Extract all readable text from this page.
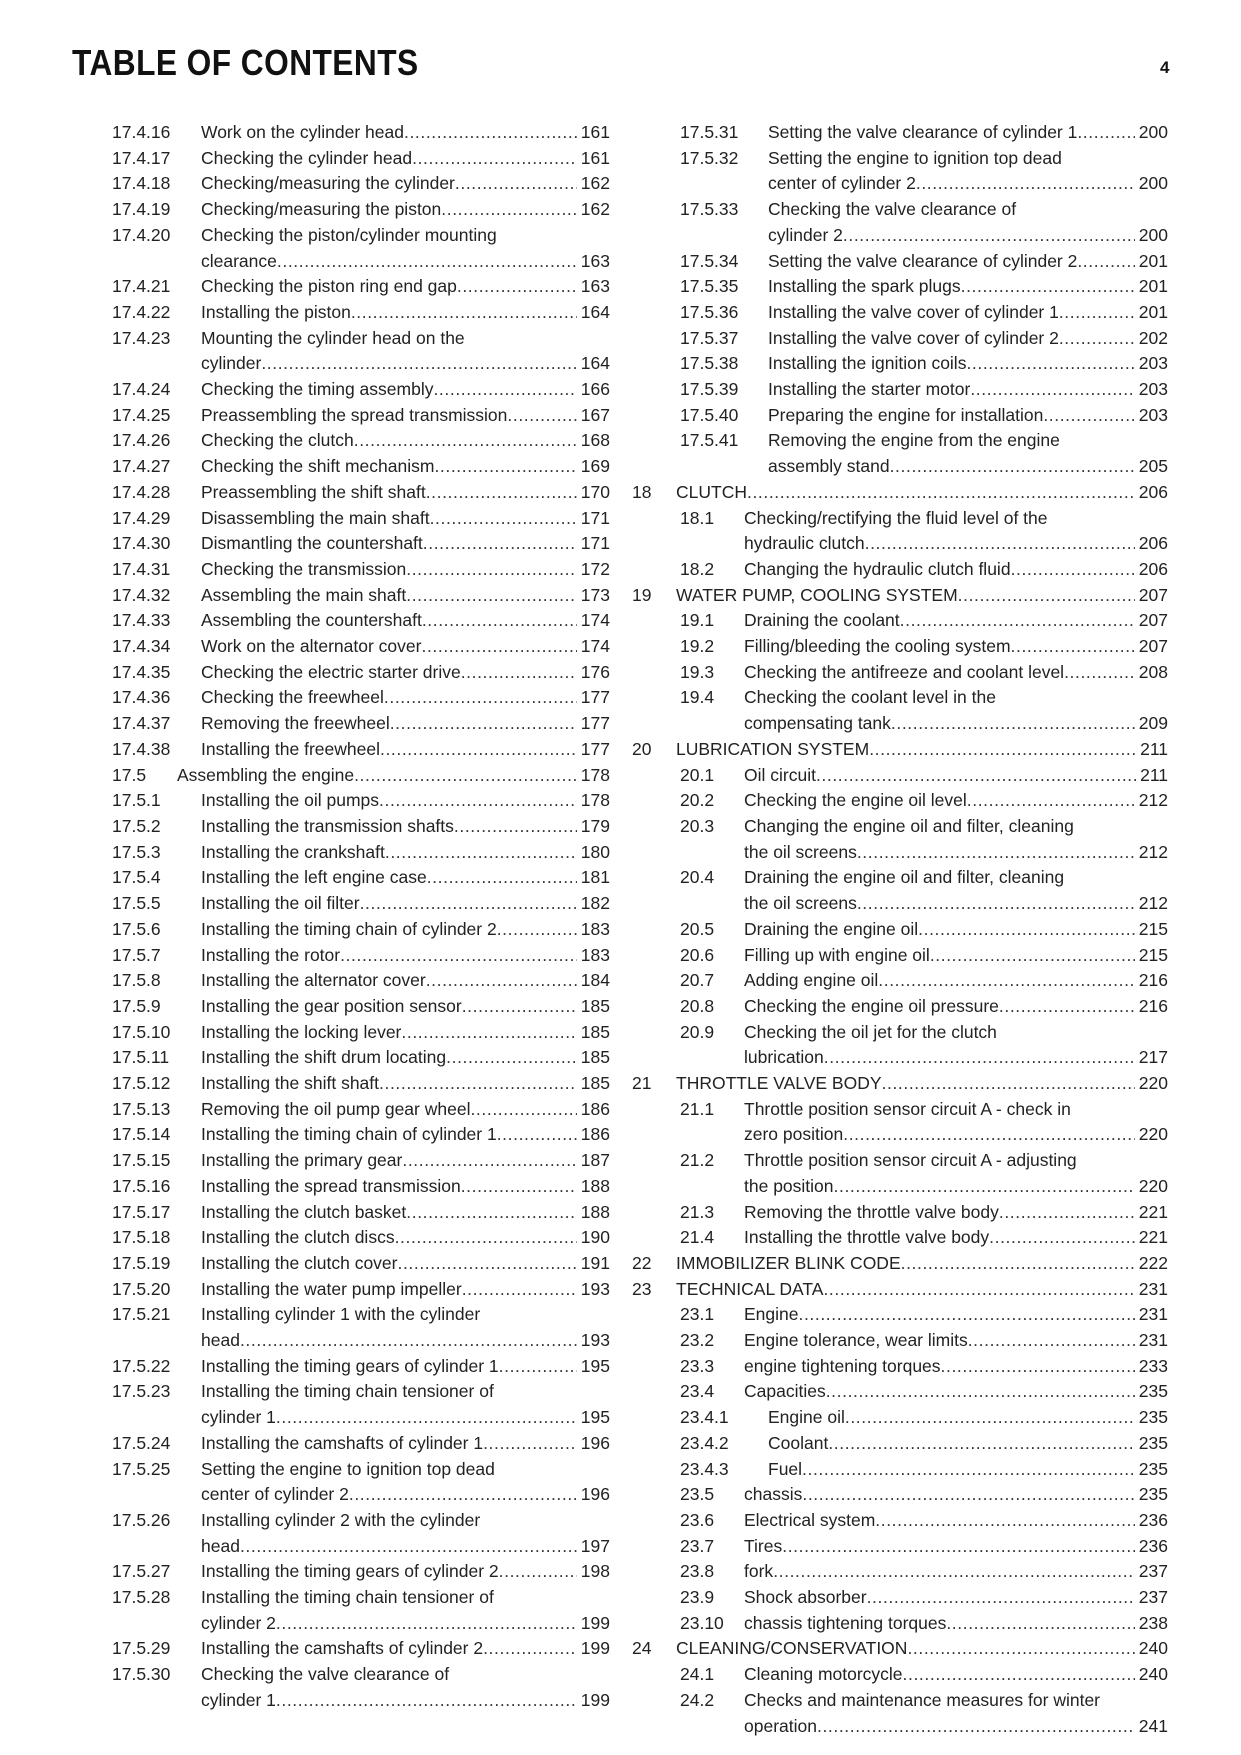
TABLE OF CONTENTS	4
17.4.16 Work on the cylinder head .....	161
17.4.17 Checking the cylinder head .....	161
17.4.18 Checking/measuring the cylinder .....	162
17.4.19 Checking/measuring the piston .....	162
17.4.20 Checking the piston/cylinder mounting
clearance .....	163
17.4.21 Checking the piston ring end gap .....	163
17.4.22 Installing the piston .....	164
17.4.23 Mounting the cylinder head on the
cylinder .....	164
17.4.24 Checking the timing assembly .....	166
17.4.25 Preassembling the spread transmission .....	167
17.4.26 Checking the clutch .....	168
17.4.27 Checking the shift mechanism .....	169
17.4.28 Preassembling the shift shaft .....	170
17.4.29 Disassembling the main shaft .....	171
17.4.30 Dismantling the countershaft .....	171
17.4.31 Checking the transmission .....	172
17.4.32 Assembling the main shaft .....	173
17.4.33 Assembling the countershaft .....	174
17.4.34 Work on the alternator cover .....	174
17.4.35 Checking the electric starter drive .....	176
17.4.36 Checking the freewheel .....	177
17.4.37 Removing the freewheel .....	177
17.4.38 Installing the freewheel .....	177
17.5 Assembling the engine .....	178
17.5.1 Installing the oil pumps .....	178
17.5.2 Installing the transmission shafts .....	179
17.5.3 Installing the crankshaft .....	180
17.5.4 Installing the left engine case .....	181
17.5.5 Installing the oil filter .....	182
17.5.6 Installing the timing chain of cylinder 2 .....	183
17.5.7 Installing the rotor .....	183
17.5.8 Installing the alternator cover .....	184
17.5.9 Installing the gear position sensor .....	185
17.5.10 Installing the locking lever .....	185
17.5.11 Installing the shift drum locating .....	185
17.5.12 Installing the shift shaft .....	185
17.5.13 Removing the oil pump gear wheel .....	186
17.5.14 Installing the timing chain of cylinder 1 .....	186
17.5.15 Installing the primary gear .....	187
17.5.16 Installing the spread transmission .....	188
17.5.17 Installing the clutch basket .....	188
17.5.18 Installing the clutch discs .....	190
17.5.19 Installing the clutch cover .....	191
17.5.20 Installing the water pump impeller .....	193
17.5.21 Installing cylinder 1 with the cylinder
head .....	193
17.5.22 Installing the timing gears of cylinder 1 .....	195
17.5.23 Installing the timing chain tensioner of
cylinder 1 .....	195
17.5.24 Installing the camshafts of cylinder 1 .....	196
17.5.25 Setting the engine to ignition top dead
center of cylinder 2 .....	196
17.5.26 Installing cylinder 2 with the cylinder
head .....	197
17.5.27 Installing the timing gears of cylinder 2 .....	198
17.5.28 Installing the timing chain tensioner of
cylinder 2 .....	199
17.5.29 Installing the camshafts of cylinder 2 .....	199
17.5.30 Checking the valve clearance of
cylinder 1 .....	199
17.5.31 Setting the valve clearance of cylinder 1 .....	200
17.5.32 Setting the engine to ignition top dead
center of cylinder 2 .....	200
17.5.33 Checking the valve clearance of
cylinder 2 .....	200
17.5.34 Setting the valve clearance of cylinder 2 .....	201
17.5.35 Installing the spark plugs .....	201
17.5.36 Installing the valve cover of cylinder 1 .....	201
17.5.37 Installing the valve cover of cylinder 2 .....	202
17.5.38 Installing the ignition coils .....	203
17.5.39 Installing the starter motor .....	203
17.5.40 Preparing the engine for installation .....	203
17.5.41 Removing the engine from the engine
assembly stand .....	205
18 CLUTCH .....	206
18.1 Checking/rectifying the fluid level of the
hydraulic clutch .....	206
18.2 Changing the hydraulic clutch fluid .....	206
19 WATER PUMP, COOLING SYSTEM .....	207
19.1 Draining the coolant .....	207
19.2 Filling/bleeding the cooling system .....	207
19.3 Checking the antifreeze and coolant level .....	208
19.4 Checking the coolant level in the
compensating tank .....	209
20 LUBRICATION SYSTEM .....	211
20.1 Oil circuit .....	211
20.2 Checking the engine oil level .....	212
20.3 Changing the engine oil and filter, cleaning
the oil screens .....	212
20.4 Draining the engine oil and filter, cleaning
the oil screens .....	212
20.5 Draining the engine oil .....	215
20.6 Filling up with engine oil .....	215
20.7 Adding engine oil .....	216
20.8 Checking the engine oil pressure .....	216
20.9 Checking the oil jet for the clutch
lubrication .....	217
21 THROTTLE VALVE BODY .....	220
21.1 Throttle position sensor circuit A - check in
zero position .....	220
21.2 Throttle position sensor circuit A - adjusting
the position .....	220
21.3 Removing the throttle valve body .....	221
21.4 Installing the throttle valve body .....	221
22 IMMOBILIZER BLINK CODE .....	222
23 TECHNICAL DATA .....	231
23.1 Engine .....	231
23.2 Engine tolerance, wear limits .....	231
23.3 engine tightening torques .....	233
23.4 Capacities .....	235
23.4.1 Engine oil .....	235
23.4.2 Coolant .....	235
23.4.3 Fuel .....	235
23.5 chassis .....	235
23.6 Electrical system .....	236
23.7 Tires .....	236
23.8 fork .....	237
23.9 Shock absorber .....	237
23.10 chassis tightening torques .....	238
24 CLEANING/CONSERVATION .....	240
24.1 Cleaning motorcycle .....	240
24.2 Checks and maintenance measures for winter
operation .....	241
